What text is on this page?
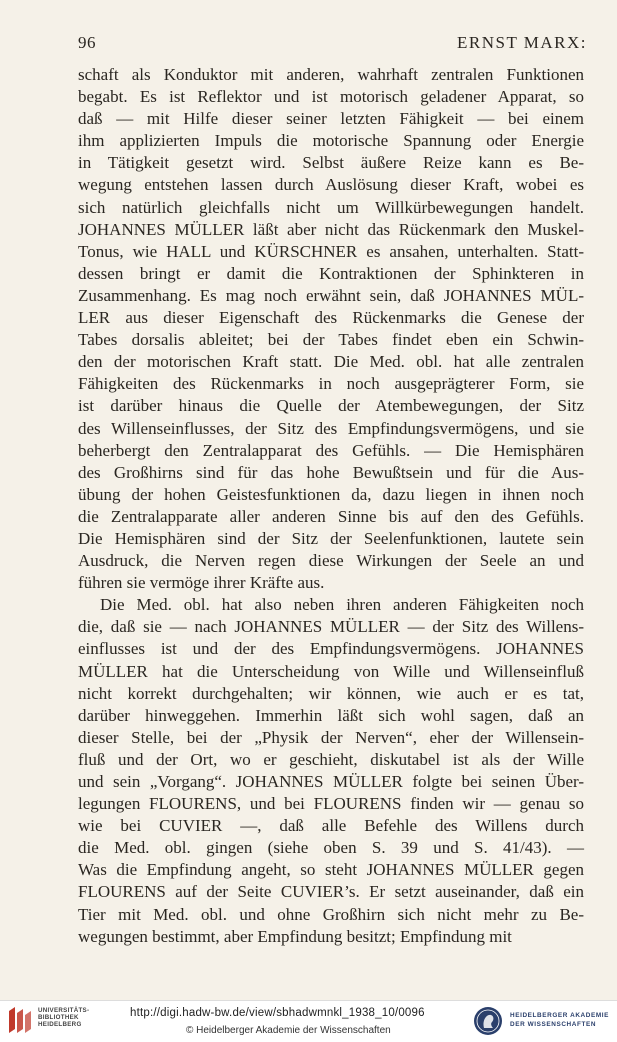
96	ERNST MARX:
schaft als Konduktor mit anderen, wahrhaft zentralen Funktionen
begabt. Es ist Reflektor und ist motorisch geladener Apparat, so
daß — mit Hilfe dieser seiner letzten Fähigkeit — bei einem
ihm applizierten Impuls die motorische Spannung oder Energie
in Tätigkeit gesetzt wird. Selbst äußere Reize kann es Be-
wegung entstehen lassen durch Auslösung dieser Kraft, wobei es
sich natürlich gleichfalls nicht um Willkürbewegungen handelt.
JOHANNES MÜLLER läßt aber nicht das Rückenmark den Muskel-
Tonus, wie HALL und KÜRSCHNER es ansahen, unterhalten. Statt-
dessen bringt er damit die Kontraktionen der Sphinkteren in
Zusammenhang. Es mag noch erwähnt sein, daß JOHANNES MÜL-
LER aus dieser Eigenschaft des Rückenmarks die Genese der
Tabes dorsalis ableitet; bei der Tabes findet eben ein Schwin-
den der motorischen Kraft statt. Die Med. obl. hat alle zentralen
Fähigkeiten des Rückenmarks in noch ausgeprägterer Form, sie
ist darüber hinaus die Quelle der Atembewegungen, der Sitz
des Willenseinflusses, der Sitz des Empfindungsvermögens, und sie
beherbergt den Zentralapparat des Gefühls. — Die Hemisphären
des Großhirns sind für das hohe Bewußtsein und für die Aus-
übung der hohen Geistesfunktionen da, dazu liegen in ihnen noch
die Zentralapparate aller anderen Sinne bis auf den des Gefühls.
Die Hemisphären sind der Sitz der Seelenfunktionen, lautete sein
Ausdruck, die Nerven regen diese Wirkungen der Seele an und
führen sie vermöge ihrer Kräfte aus.
Die Med. obl. hat also neben ihren anderen Fähigkeiten noch
die, daß sie — nach JOHANNES MÜLLER — der Sitz des Willens-
einflusses ist und der des Empfindungsvermögens. JOHANNES
MÜLLER hat die Unterscheidung von Wille und Willenseinfluß
nicht korrekt durchgehalten; wir können, wie auch er es tat,
darüber hinweggehen. Immerhin läßt sich wohl sagen, daß an
dieser Stelle, bei der „Physik der Nerven“, eher der Willensein-
fluß und der Ort, wo er geschieht, diskutabel ist als der Wille
und sein „Vorgang“. JOHANNES MÜLLER folgte bei seinen Über-
legungen FLOURENS, und bei FLOURENS finden wir — genau so
wie bei CUVIER —, daß alle Befehle des Willens durch
die Med. obl. gingen (siehe oben S. 39 und S. 41/43). —
Was die Empfindung angeht, so steht JOHANNES MÜLLER gegen
FLOURENS auf der Seite CUVIER’s. Er setzt auseinander, daß ein
Tier mit Med. obl. und ohne Großhirn sich nicht mehr zu Be-
wegungen bestimmt, aber Empfindung besitzt; Empfindung mit
UNIVERSITÄTS-
BIBLIOTHEK
HEIDELBERG
http://digi.hadw-bw.de/view/sbhadwmnkl_1938_10/0096
© Heidelberger Akademie der Wissenschaften
HEIDELBERGER AKADEMIE
DER WISSENSCHAFTEN
